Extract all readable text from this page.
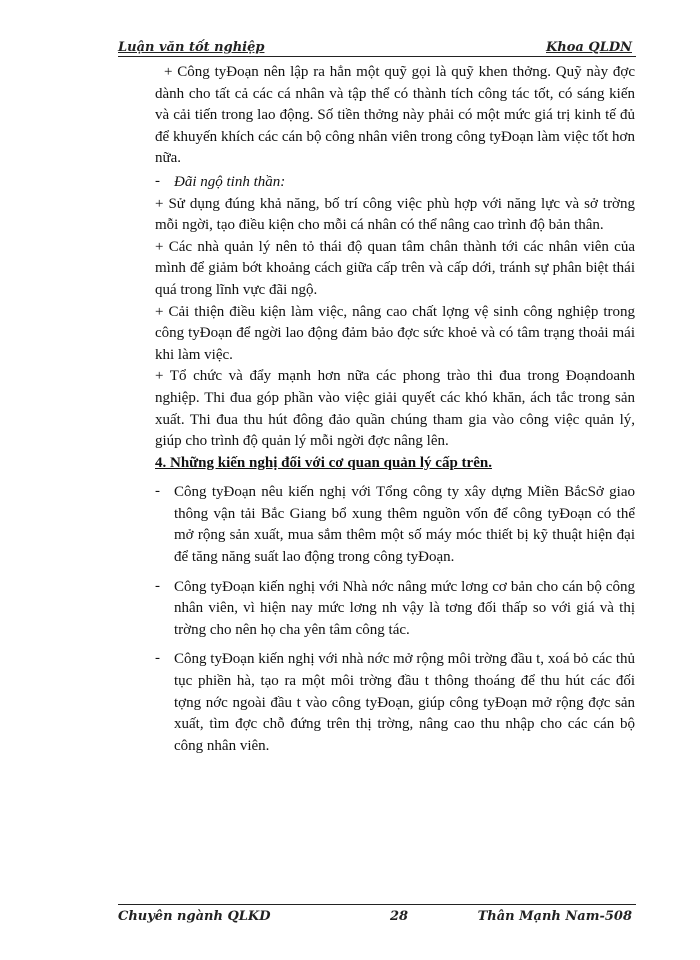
Luận văn tốt nghiệp	Khoa QLDN

+ Công tyĐoạn nên lập ra hẳn một quỹ gọi là quỹ khen thởng. Quỹ này đợc dành cho tất cả các cá nhân và tập thể có thành tích công tác tốt, có sáng kiến và cải tiến trong lao động. Số tiền thởng này phải có một mức giá trị kinh tế đủ để khuyến khích các cán bộ công nhân viên trong công tyĐoạn làm việc tốt hơn nữa.

- Đãi ngộ tinh thần:

+ Sử dụng đúng khả năng, bố trí công việc phù hợp với năng lực và sở trờng mỗi ngời, tạo điều kiện cho mỗi cá nhân có thể nâng cao trình độ bản thân.

+ Các nhà quản lý nên tỏ thái độ quan tâm chân thành tới các nhân viên của mình để giảm bớt khoảng cách giữa cấp trên và cấp dới, tránh sự phân biệt thái quá trong lĩnh vực đãi ngộ.

+ Cải thiện điều kiện làm việc, nâng cao chất lợng vệ sinh công nghiệp trong công tyĐoạn để ngời lao động đảm bảo đợc sức khoẻ và có tâm trạng thoải mái khi làm việc.

+ Tổ chức và đẩy mạnh hơn nữa các phong trào thi đua trong Đoạndoanh nghiệp. Thi đua góp phần vào việc giải quyết các khó khăn, ách tắc trong sản xuất. Thi đua thu hút đông đảo quần chúng tham gia vào công việc quản lý, giúp cho trình độ quản lý mỗi ngời đợc nâng lên.

4. Những kiến nghị đối với cơ quan quản lý cấp trên.

- Công tyĐoạn nêu kiến nghị với Tổng công ty xây dựng Miền BắcSở giao thông vận tải Bắc Giang bổ xung thêm nguồn vốn để công tyĐoạn có thể mở rộng sản xuất, mua sắm thêm một số máy móc thiết bị kỹ thuật hiện đại để tăng năng suất lao động trong công tyĐoạn.
- Công tyĐoạn kiến nghị với Nhà nớc nâng mức lơng cơ bản cho cán bộ công nhân viên, vì hiện nay mức lơng nh vậy là tơng đối thấp so với giá và thị trờng cho nên họ cha yên tâm công tác.
- Công tyĐoạn kiến nghị với nhà nớc mở rộng môi trờng đầu t, xoá bỏ các thủ tục phiền hà, tạo ra một môi trờng đầu t thông thoáng để thu hút các đối tợng nớc ngoài đầu t vào công tyĐoạn, giúp công tyĐoạn mở rộng đợc sản xuất, tìm đợc chỗ đứng trên thị trờng, nâng cao thu nhập cho các cán bộ công nhân viên.
Chuyên ngành QLKD	28	Thân Mạnh Nam-508
